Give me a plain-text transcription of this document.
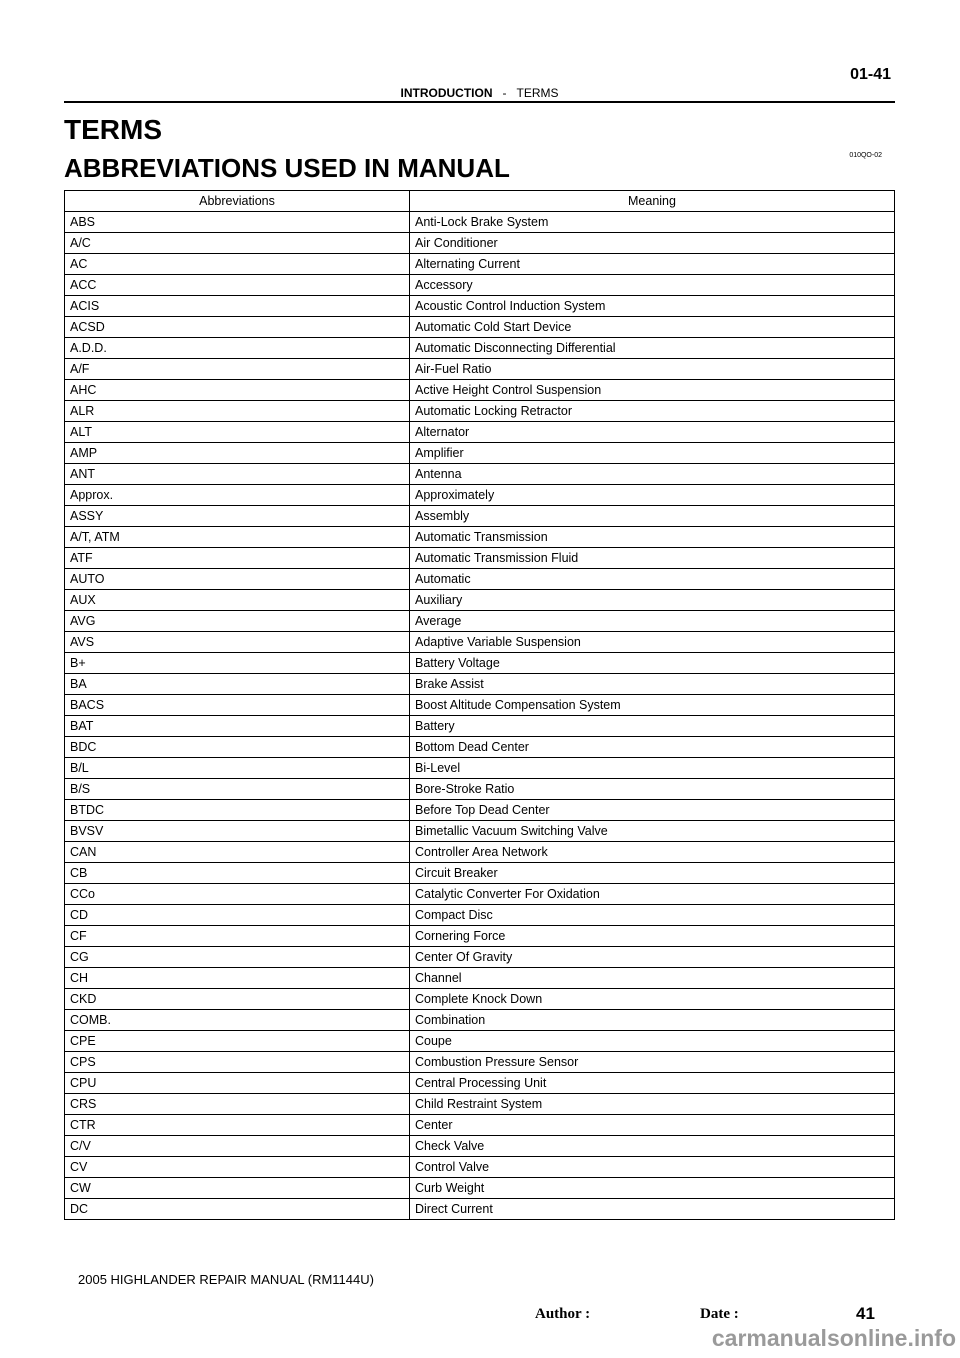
INTRODUCTION - TERMS
01-41
TERMS
ABBREVIATIONS USED IN MANUAL	010QO-02
Abbreviations	Meaning
ABS	Anti-Lock Brake System
A/C	Air Conditioner
AC	Alternating Current
ACC	Accessory
ACIS	Acoustic Control Induction System
ACSD	Automatic Cold Start Device
A.D.D.	Automatic Disconnecting Differential
A/F	Air-Fuel Ratio
AHC	Active Height Control Suspension
ALR	Automatic Locking Retractor
ALT	Alternator
AMP	Amplifier
ANT	Antenna
Approx.	Approximately
ASSY	Assembly
A/T, ATM	Automatic Transmission
ATF	Automatic Transmission Fluid
AUTO	Automatic
AUX	Auxiliary
AVG	Average
AVS	Adaptive Variable Suspension
B+	Battery Voltage
BA	Brake Assist
BACS	Boost Altitude Compensation System
BAT	Battery
BDC	Bottom Dead Center
B/L	Bi-Level
B/S	Bore-Stroke Ratio
BTDC	Before Top Dead Center
BVSV	Bimetallic Vacuum Switching Valve
CAN	Controller Area Network
CB	Circuit Breaker
CCo	Catalytic Converter For Oxidation
CD	Compact Disc
CF	Cornering Force
CG	Center Of Gravity
CH	Channel
CKD	Complete Knock Down
COMB.	Combination
CPE	Coupe
CPS	Combustion Pressure Sensor
CPU	Central Processing Unit
CRS	Child Restraint System
CTR	Center
C/V	Check Valve
CV	Control Valve
CW	Curb Weight
DC	Direct Current
2005 HIGHLANDER REPAIR MANUAL (RM1144U)
Author :	Date :	41
carmanualsonline.info
